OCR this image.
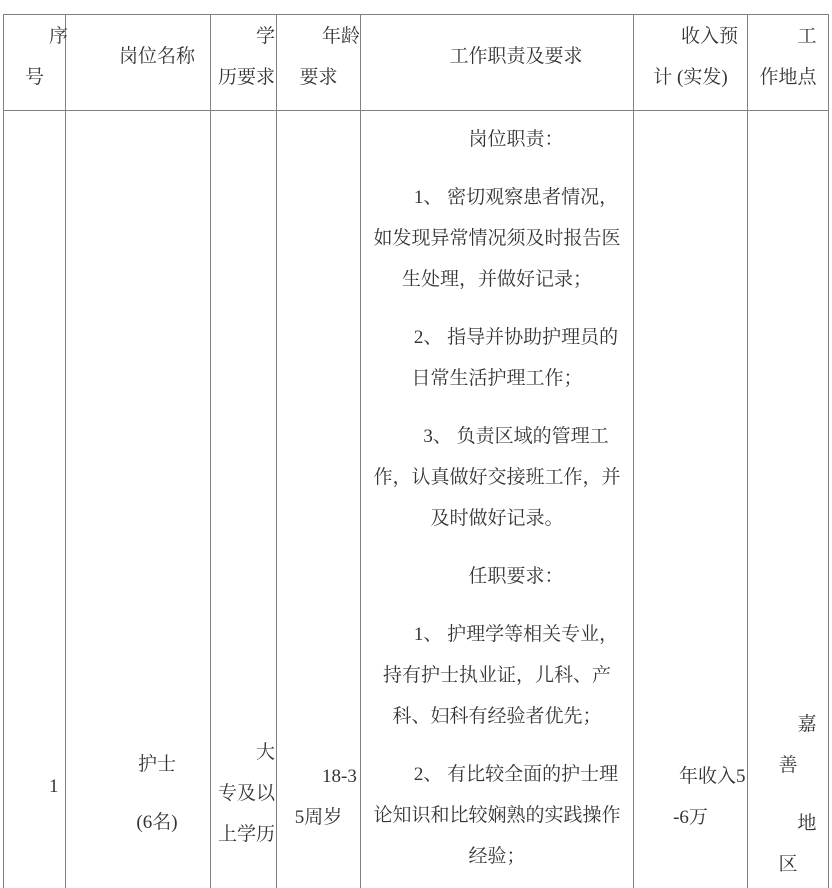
序
号
岗位名称
学
历要求
年龄
要求
工作职责及要求
收入预
计 (实发)
工
作地点
1
护士
(6名)
大
专及以
上学历
18-3
5周岁
岗位职责：
1、 密切观察患者情况，
如发现异常情况须及时报告医
生处理，并做好记录；
2、 指导并协助护理员的
日常生活护理工作；
3、 负责区域的管理工
作，认真做好交接班工作，并
及时做好记录。
任职要求：
1、 护理学等相关专业，
持有护士执业证，儿科、产
科、妇科有经验者优先；
2、 有比较全面的护士理
论知识和比较娴熟的实践操作
经验；
年收入5
-6万
嘉
善
地
区
